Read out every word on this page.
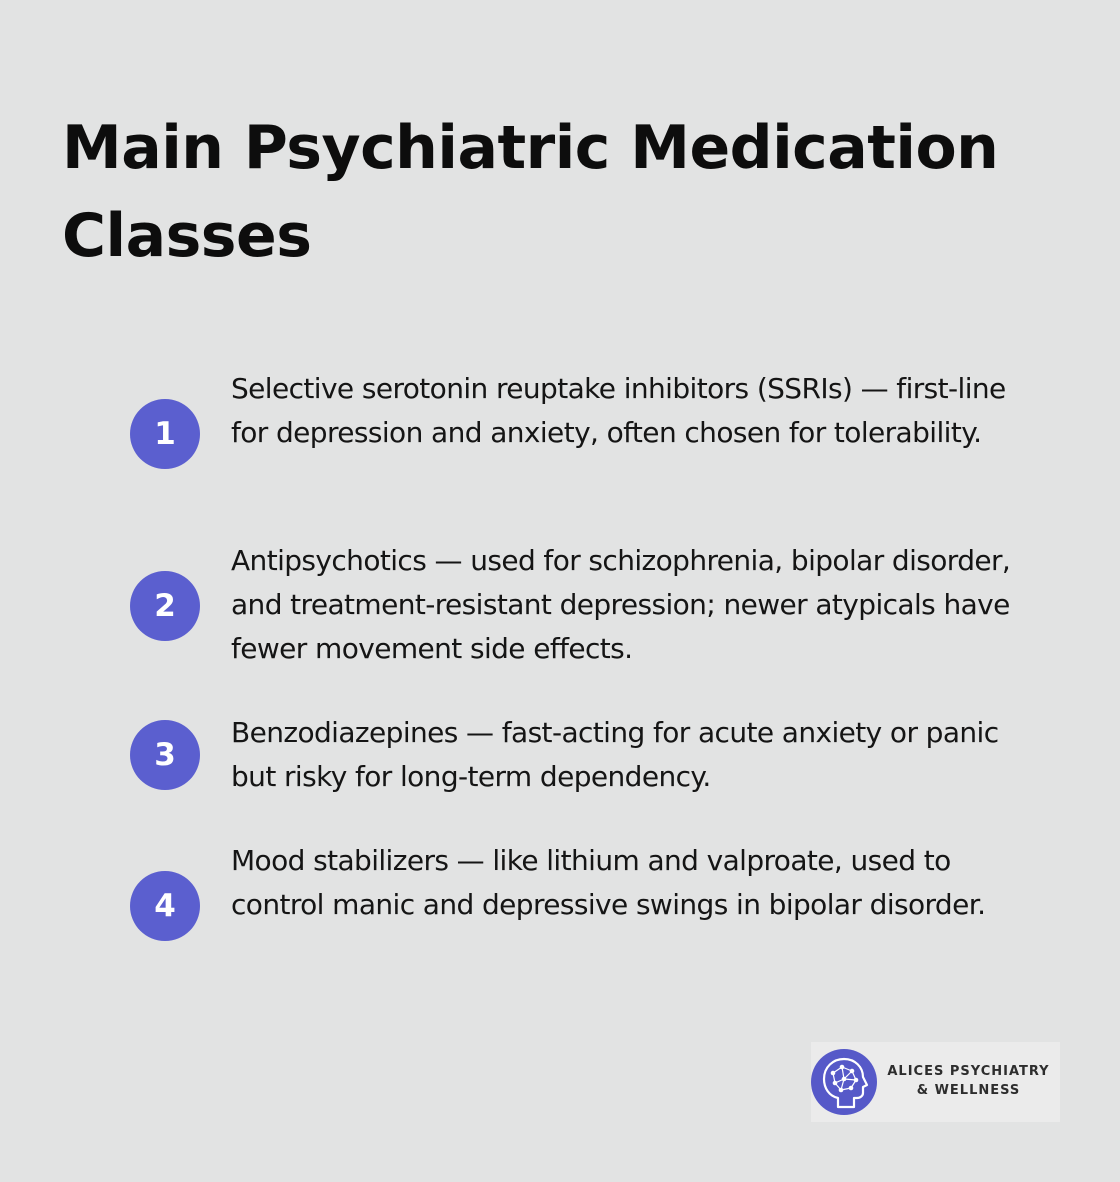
Main Psychiatric Medication Classes
1

Selective serotonin reuptake inhibitors (SSRIs) — first-line for depression and anxiety, often chosen for tolerability.

2

Antipsychotics — used for schizophrenia, bipolar disorder, and treatment-resistant depression; newer atypicals have fewer movement side effects.

3

Benzodiazepines — fast-acting for acute anxiety or panic but risky for long-term dependency.

4

Mood stabilizers — like lithium and valproate, used to control manic and depressive swings in bipolar disorder.

ALICES PSYCHIATRY
& WELLNESS
